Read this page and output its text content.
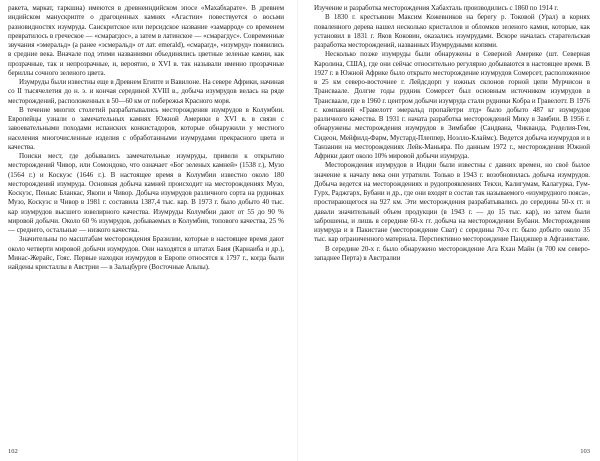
ракета, маркат, таркшиа) имеются в древнеиндийском эпосе «Махабхарате». В древнем индийском манускрипте о драгоценных камнях «Агастии» повествуется о восьми разновидностях изумруда. Санскритское или персидское название «замаррод» со временем превратилось в греческое — «смарагдос», а затем в латинское — «смарагдус». Современные звучания «эмеральд» (а ранее «эсмеральд» от лат. emerald), «смарагд», «изумруд» появились в средние века. Вначале под этими названиями объединялись цветные зеленые камни, как прозрачные, так и непрозрачные, и, вероятно, в XVI в. так называли именно прозрачные бериллы сочного зеленого цвета.

Изумруды были известны еще в Древнем Египте и Вавилоне. На севере Африки, начиная со II тысячелетия до н. э. и кончая серединой XVIII в., добыча изумрудов велась на ряде месторождений, расположенных в 50—60 км от побережья Красного моря.

В течение многих столетий разрабатывались месторождения изумрудов в Колумбии. Европейцы узнали о замечательных камнях Южной Америки в XVI в. в связи с завоевательными походами испанских конкистадоров, которые обнаружили у местного населения многочисленные изделия с обработанными изумрудами прекрасного цвета и качества.

Поиски мест, где добывались замечательные изумруды, привели к открытию месторождений Чивор, или Сомондоко, что означает «Бог зеленых камней» (1538 г.), Музо (1564 г.) и Коскуэс (1646 г.). В настоящее время в Колумбии известно около 180 месторождений изумруда. Основная добыча камней происходит на месторождениях Музо, Коскуэс, Пеньяс Бланкас, Якопи и Чивор. Добыча изумрудов различного сорта на рудниках Музо, Коскуэс и Чивор в 1981 г. составила 1387,4 тыс. кар. В 1973 г. было добыто 40 тыс. кар изумрудов высшего ювелирного качества. Изумруды Колумбии дают от 55 до 90 % мировой добычи. Около 60 % изумрудов, добываемых в Колумбии, топового качества, 25 % — среднего, остальные — низкого качества.

Значительны по масштабам месторождения Бразилии, которые в настоящее время дают около четверти мировой добычи изумрудов. Они находятся в штатах Баия (Карнаиба и др.), Минас-Жерайс, Гояс. Первые находки изумрудов в Европе относятся к 1797 г., когда были найдены кристаллы в Австрии — в Зальцбурге (Восточные Альпы).

102

Изучение и разработка месторождения Хабахталь производились с 1860 по 1914 г.

В 1830 г. крестьянин Максим Кожевников на берегу р. Токовой (Урал) в корнях поваленного дерева нашел несколько кристаллов и обломков зеленого камня, которые, как установил в 1831 г. Яков Коковин, оказались изумрудами. Вскоре началась старательская разработка месторождений, названных Изумрудными копями.

Несколько позже изумруды были обнаружены в Северной Америке (шт. Северная Каролина, США), где они сейчас относительно регулярно добываются в настоящее время. В 1927 г. в Южной Африке было открыто месторождение изумрудов Сомерсет, расположенное в 25 км северо-восточнее г. Лейдсдорп у южных склонов горной цепи Мурчисон в Трансваале. Долгие годы рудник Сомерсет был основным источником изумрудов в Трансваале, где в 1960 г. центром добычи изумруда стали рудники Кобра и Гравелотт. В 1976 г. компанией «Гравелотт эмеральд пропайетри лтд» было добыто 487 кг изумрудов различного качества. В 1931 г. начата разработка месторождений Мику в Замбии. В 1956 г. обнаружены месторождения изумрудов в Зимбабве (Сандвана, Чиквандa, Роделия-Гем, Сидеон, Мейфилд-Фарм, Мустард-Плеппер, Ноэлло-Клаймс). Ведется добыча изумрудов и в Танзании на месторождениях Лейк-Маньяра. По данным 1972 г., месторождения Южной Африки дают около 10% мировой добычи изумруда.

Месторождения изумрудов в Индии были известны с давних времен, но своё былое значение к началу века они утратили. Только в 1943 г. возобновилась добыча изумрудов. Добыча ведется на месторождениях и рудопроявлениях Текхи, Калигумам, Калагурка, Гум-Гурх, Раджгарх, Бубани и др., где они входят в состав так называемого «изумрудного пояса», простирающегося на 927 км. Эти месторождения разрабатывались до середины 50-х гг. и давали значительный объем продукции (в 1943 г. — до 15 тыс. кар), но затем были заброшены, и лишь в середине 60-х гг. добыча на месторождении Бубани. Месторождения изумруда и в Пакистане (месторождение Сват) с середины 70-х гг. было добыто около 35 тыс. кар ограниченного материала. Перспективно месторождение Панджшер в Афганистане.

В середине 20-х г. было обнаружено месторождение Ага Кхан Майн (в 700 км северо-западнее Перта) в Австралии

103
